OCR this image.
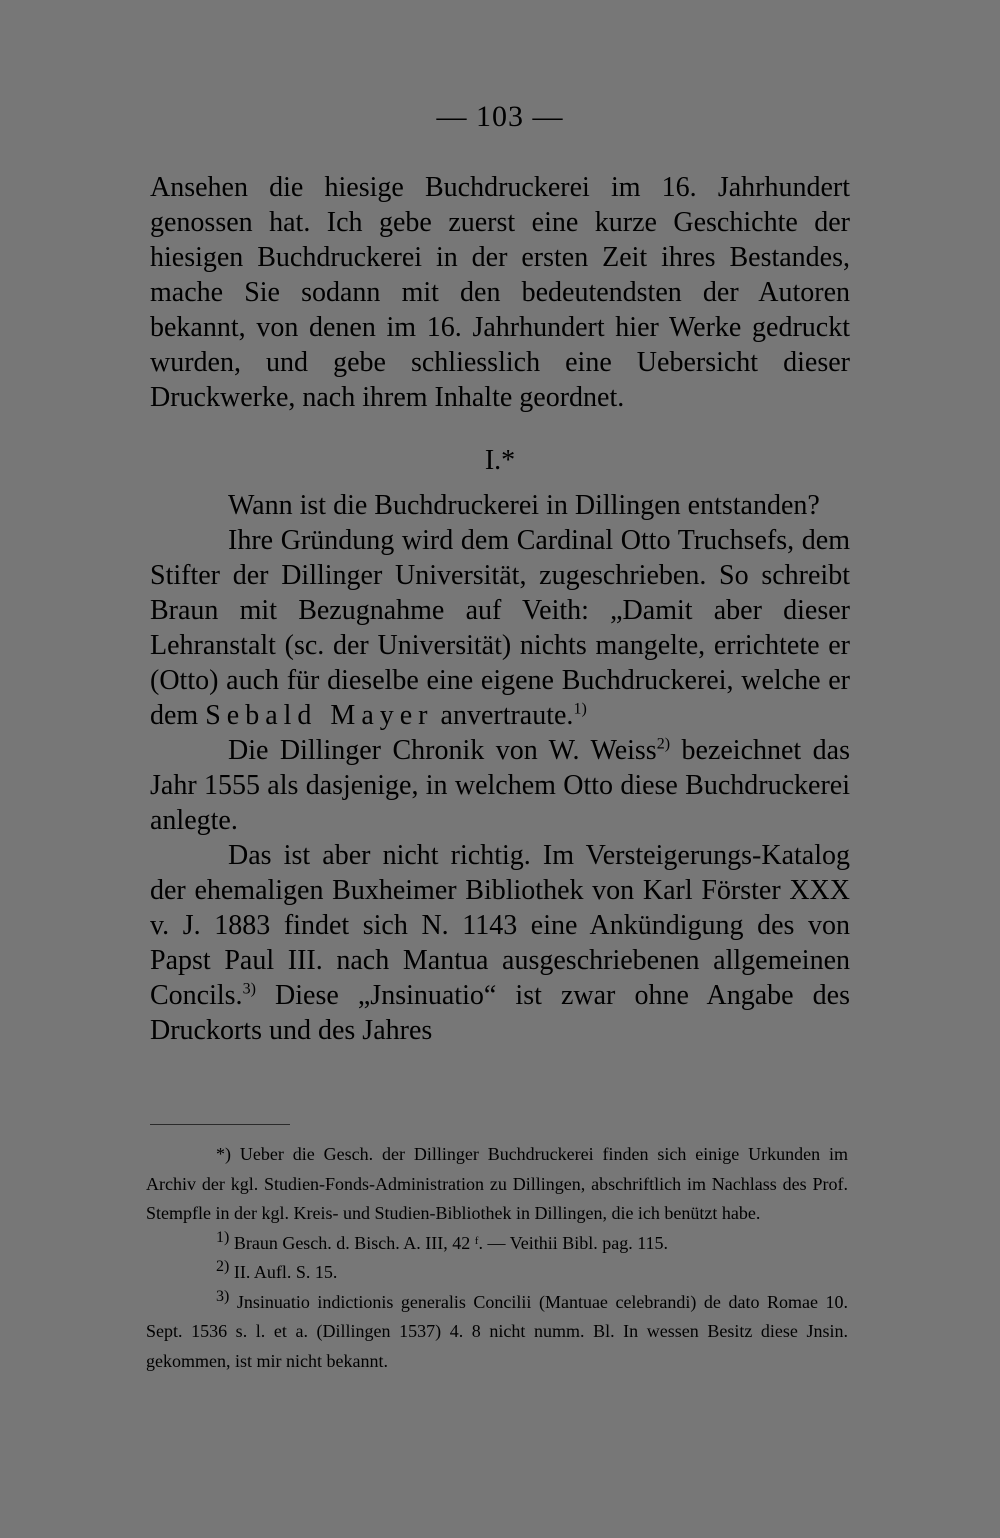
— 103 —

Ansehen die hiesige Buchdruckerei im 16. Jahrhundert genossen hat. Ich gebe zuerst eine kurze Geschichte der hiesigen Buchdruckerei in der ersten Zeit ihres Bestandes, mache Sie sodann mit den bedeutendsten der Autoren bekannt, von denen im 16. Jahrhundert hier Werke gedruckt wurden, und gebe schliesslich eine Uebersicht dieser Druckwerke, nach ihrem Inhalte geordnet.

I.*

Wann ist die Buchdruckerei in Dillingen entstanden?

Ihre Gründung wird dem Cardinal Otto Truchsefs, dem Stifter der Dillinger Universität, zugeschrieben. So schreibt Braun mit Bezugnahme auf Veith: „Damit aber dieser Lehranstalt (sc. der Universität) nichts mangelte, errichtete er (Otto) auch für dieselbe eine eigene Buchdruckerei, welche er dem Sebald Mayer anvertraute.$^{1)}$

Die Dillinger Chronik von W. Weiss$^{2)}$ bezeichnet das Jahr 1555 als dasjenige, in welchem Otto diese Buchdruckerei anlegte.

Das ist aber nicht richtig. Im Versteigerungs-Katalog der ehemaligen Buxheimer Bibliothek von Karl Förster XXX v. J. 1883 findet sich N. 1143 eine Ankündigung des von Papst Paul III. nach Mantua ausgeschriebenen allgemeinen Concils.$^{3)}$ Diese „Jnsinuatio“ ist zwar ohne Angabe des Druckorts und des Jahres

*) Ueber die Gesch. der Dillinger Buchdruckerei finden sich einige Urkunden im Archiv der kgl. Studien-Fonds-Administration zu Dillingen, abschriftlich im Nachlass des Prof. Stempfle in der kgl. Kreis- und Studien-Bibliothek in Dillingen, die ich benützt habe.

$^{1)}$ Braun Gesch. d. Bisch. A. III, 42 ᶠ. — Veithii Bibl. pag. 115.

$^{2)}$ II. Aufl. S. 15.

$^{3)}$ Jnsinuatio indictionis generalis Concilii (Mantuae celebrandi) de dato Romae 10. Sept. 1536 s. l. et a. (Dillingen 1537) 4. 8 nicht numm. Bl. In wessen Besitz diese Jnsin. gekommen, ist mir nicht bekannt.
